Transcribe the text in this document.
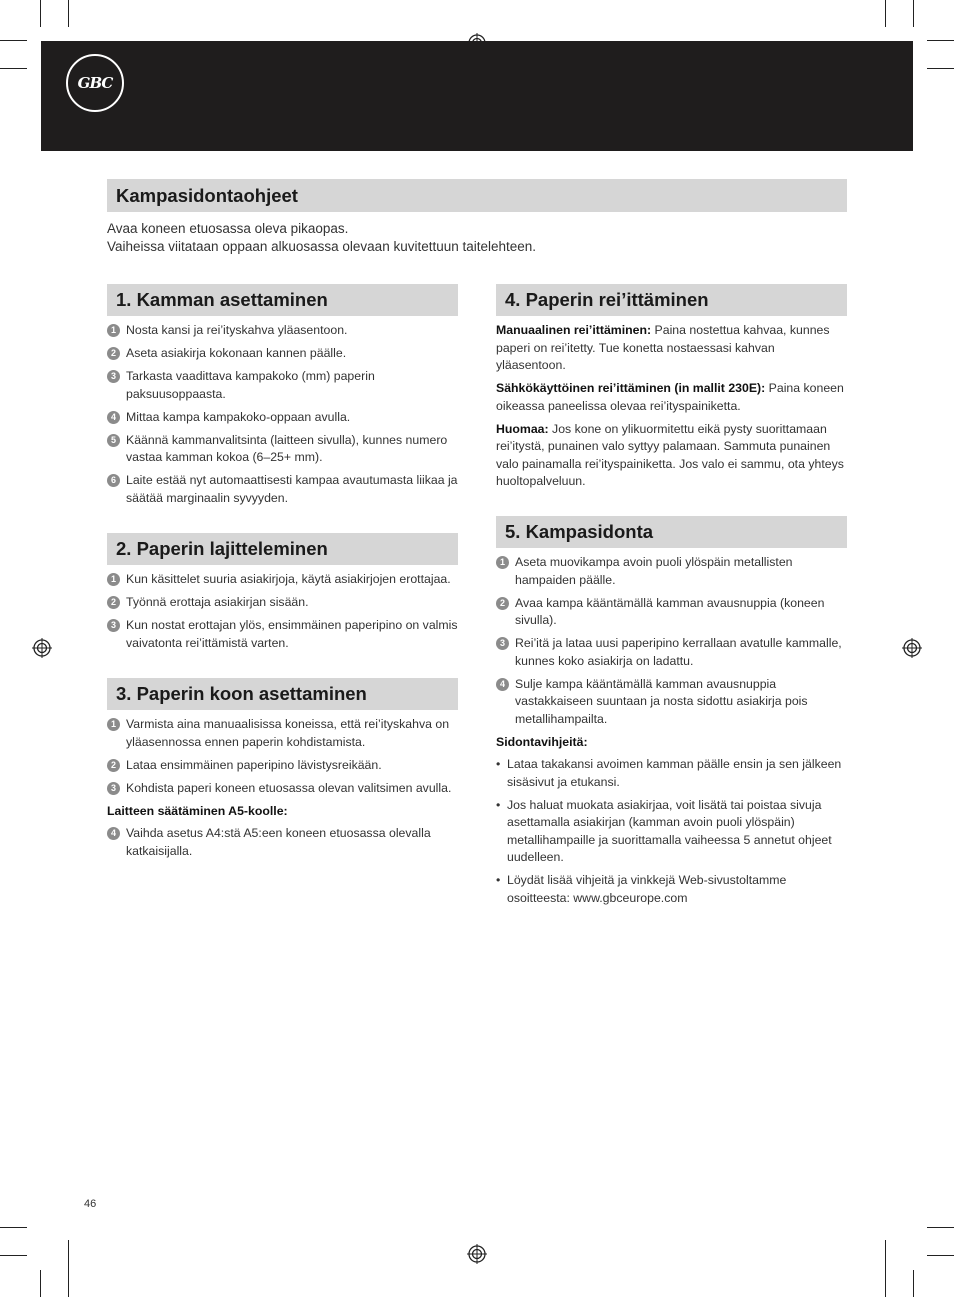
GBC
Kampasidontaohjeet
Avaa koneen etuosassa oleva pikaopas.
Vaiheissa viitataan oppaan alkuosassa olevaan kuvitettuun taitelehteen.
1. Kamman asettaminen
1 Nosta kansi ja rei’ityskahva yläasentoon.
2 Aseta asiakirja kokonaan kannen päälle.
3 Tarkasta vaadittava kampakoko (mm) paperin paksuusoppaasta.
4 Mittaa kampa kampakoko-oppaan avulla.
5 Käännä kammanvalitsinta (laitteen sivulla), kunnes numero vastaa kamman kokoa (6–25+ mm).
6 Laite estää nyt automaattisesti kampaa avautumasta liikaa ja säätää marginaalin syvyyden.
2. Paperin lajitteleminen
1 Kun käsittelet suuria asiakirjoja, käytä asiakirjojen erottajaa.
2 Työnnä erottaja asiakirjan sisään.
3 Kun nostat erottajan ylös, ensimmäinen paperipino on valmis vaivatonta rei’ittämistä varten.
3. Paperin koon asettaminen
1 Varmista aina manuaalisissa koneissa, että rei’ityskahva on yläasennossa ennen paperin kohdistamista.
2 Lataa ensimmäinen paperipino lävistysreikään.
3 Kohdista paperi koneen etuosassa olevan valitsimen avulla.
Laitteen säätäminen A5-koolle:
4 Vaihda asetus A4:stä A5:een koneen etuosassa olevalla katkaisijalla.
4. Paperin rei’ittäminen
Manuaalinen rei’ittäminen: Paina nostettua kahvaa, kunnes paperi on rei’itetty. Tue konetta nostaessasi kahvan yläasentoon.
Sähkökäyttöinen rei’ittäminen (in mallit 230E): Paina koneen oikeassa paneelissa olevaa rei’ityspainiketta.
Huomaa: Jos kone on ylikuormitettu eikä pysty suorittamaan rei’itystä, punainen valo syttyy palamaan. Sammuta punainen valo painamalla rei’ityspainiketta. Jos valo ei sammu, ota yhteys huoltopalveluun.
5. Kampasidonta
1 Aseta muovikampa avoin puoli ylöspäin metallisten hampaiden päälle.
2 Avaa kampa kääntämällä kamman avausnuppia (koneen sivulla).
3 Rei’itä ja lataa uusi paperipino kerrallaan avatulle kammalle, kunnes koko asiakirja on ladattu.
4 Sulje kampa kääntämällä kamman avausnuppia vastakkaiseen suuntaan ja nosta sidottu asiakirja pois metallihampailta.
Sidontavihjeitä:
• Lataa takakansi avoimen kamman päälle ensin ja sen jälkeen sisäsivut ja etukansi.
• Jos haluat muokata asiakirjaa, voit lisätä tai poistaa sivuja asettamalla asiakirjan (kamman avoin puoli ylöspäin) metallihampaille ja suorittamalla vaiheessa 5 annetut ohjeet uudelleen.
• Löydät lisää vihjeitä ja vinkkejä Web-sivustoltamme osoitteesta: www.gbceurope.com
46
